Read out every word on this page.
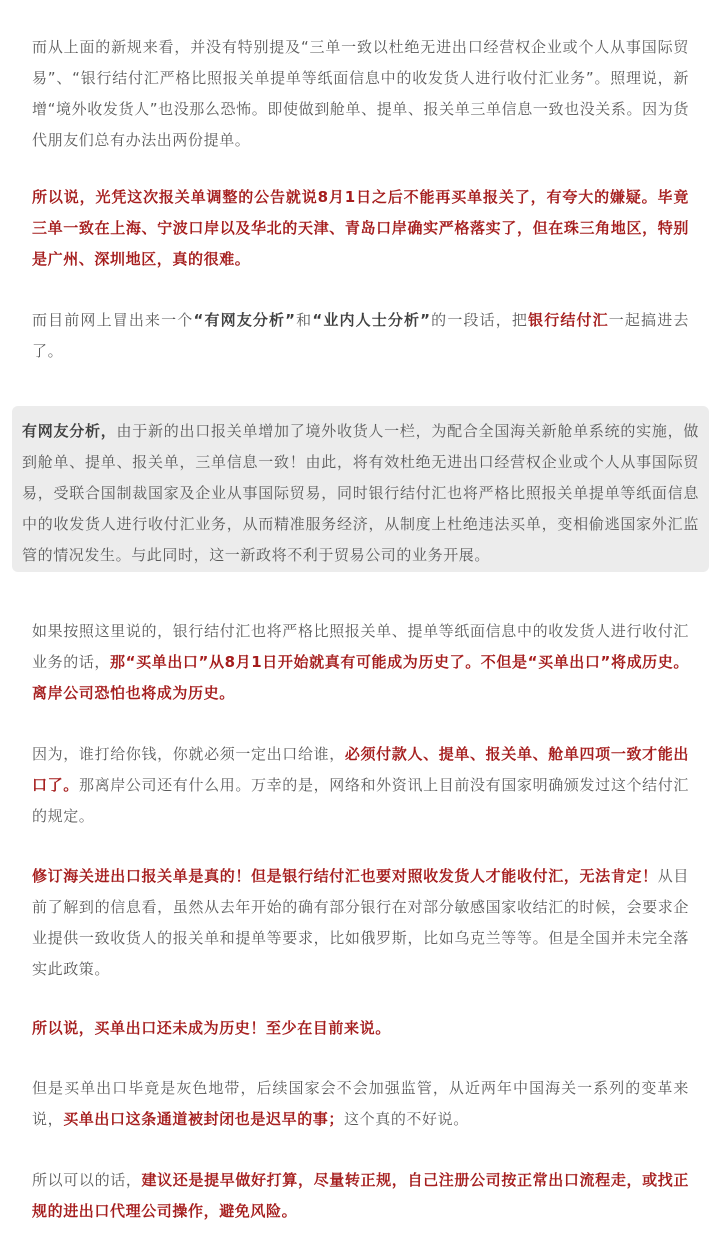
而从上面的新规来看，并没有特别提及“三单一致以杜绝无进出口经营权企业或个人从事国际贸易”、“银行结付汇严格比照报关单提单等纸面信息中的收发货人进行收付汇业务”。照理说，新增“境外收发货人”也没那么恐怖。即使做到舱单、提单、报关单三单信息一致也没关系。因为货代朋友们总有办法出两份提单。

所以说，光凭这次报关单调整的公告就说8月1日之后不能再买单报关了，有夸大的嫌疑。毕竟三单一致在上海、宁波口岸以及华北的天津、青岛口岸确实严格落实了，但在珠三角地区，特别是广州、深圳地区，真的很难。

而目前网上冒出来一个“有网友分析”和“业内人士分析”的一段话，把银行结付汇一起搞进去了。

有网友分析，由于新的出口报关单增加了境外收货人一栏，为配合全国海关新舱单系统的实施，做到舱单、提单、报关单，三单信息一致！由此，将有效杜绝无进出口经营权企业或个人从事国际贸易，受联合国制裁国家及企业从事国际贸易，同时银行结付汇也将严格比照报关单提单等纸面信息中的收发货人进行收付汇业务，从而精准服务经济，从制度上杜绝违法买单，变相偷逃国家外汇监管的情况发生。与此同时，这一新政将不利于贸易公司的业务开展。

如果按照这里说的，银行结付汇也将严格比照报关单、提单等纸面信息中的收发货人进行收付汇业务的话，那“买单出口”从8月1日开始就真有可能成为历史了。不但是“买单出口”将成历史。离岸公司恐怕也将成为历史。

因为，谁打给你钱，你就必须一定出口给谁，必须付款人、提单、报关单、舱单四项一致才能出口了。那离岸公司还有什么用。万幸的是，网络和外资讯上目前没有国家明确颁发过这个结付汇的规定。

修订海关进出口报关单是真的！但是银行结付汇也要对照收发货人才能收付汇，无法肯定！从目前了解到的信息看，虽然从去年开始的确有部分银行在对部分敏感国家收结汇的时候，会要求企业提供一致收货人的报关单和提单等要求，比如俄罗斯，比如乌克兰等等。但是全国并未完全落实此政策。

所以说，买单出口还未成为历史！至少在目前来说。

但是买单出口毕竟是灰色地带，后续国家会不会加强监管，从近两年中国海关一系列的变革来说，买单出口这条通道被封闭也是迟早的事；这个真的不好说。

所以可以的话，建议还是提早做好打算，尽量转正规，自己注册公司按正常出口流程走，或找正规的进出口代理公司操作，避免风险。
